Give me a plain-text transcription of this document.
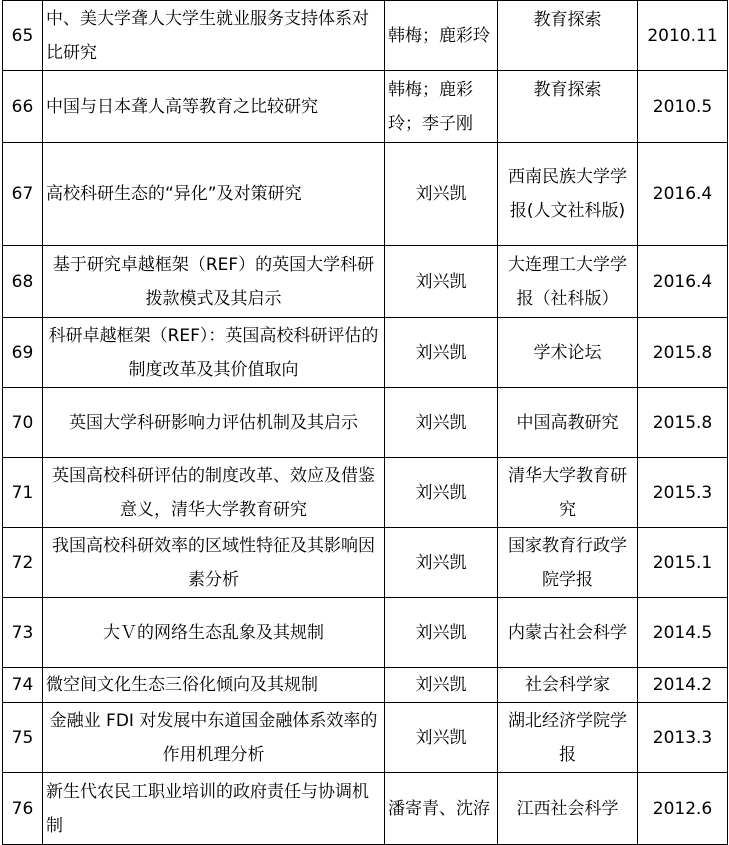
65	中、美大学聋人大学生就业服务支持体系对比研究	韩梅；鹿彩玲	教育探索	2010.11
66	中国与日本聋人高等教育之比较研究	韩梅；鹿彩玲；李子刚	教育探索	2010.5
67	高校科研生态的“异化”及对策研究	刘兴凯	西南民族大学学报(人文社科版)	2016.4
68	基于研究卓越框架（REF）的英国大学科研拨款模式及其启示	刘兴凯	大连理工大学学报（社科版）	2016.4
69	科研卓越框架（REF）：英国高校科研评估的制度改革及其价值取向	刘兴凯	学术论坛	2015.8
70	英国大学科研影响力评估机制及其启示	刘兴凯	中国高教研究	2015.8
71	英国高校科研评估的制度改革、效应及借鉴意义，清华大学教育研究	刘兴凯	清华大学教育研究	2015.3
72	我国高校科研效率的区域性特征及其影响因素分析	刘兴凯	国家教育行政学院学报	2015.1
73	大Ｖ的网络生态乱象及其规制	刘兴凯	内蒙古社会科学	2014.5
74	微空间文化生态三俗化倾向及其规制	刘兴凯	社会科学家	2014.2
75	金融业 FDI 对发展中东道国金融体系效率的作用机理分析	刘兴凯	湖北经济学院学报	2013.3
76	新生代农民工职业培训的政府责任与协调机制	潘寄青、沈洊	江西社会科学	2012.6
